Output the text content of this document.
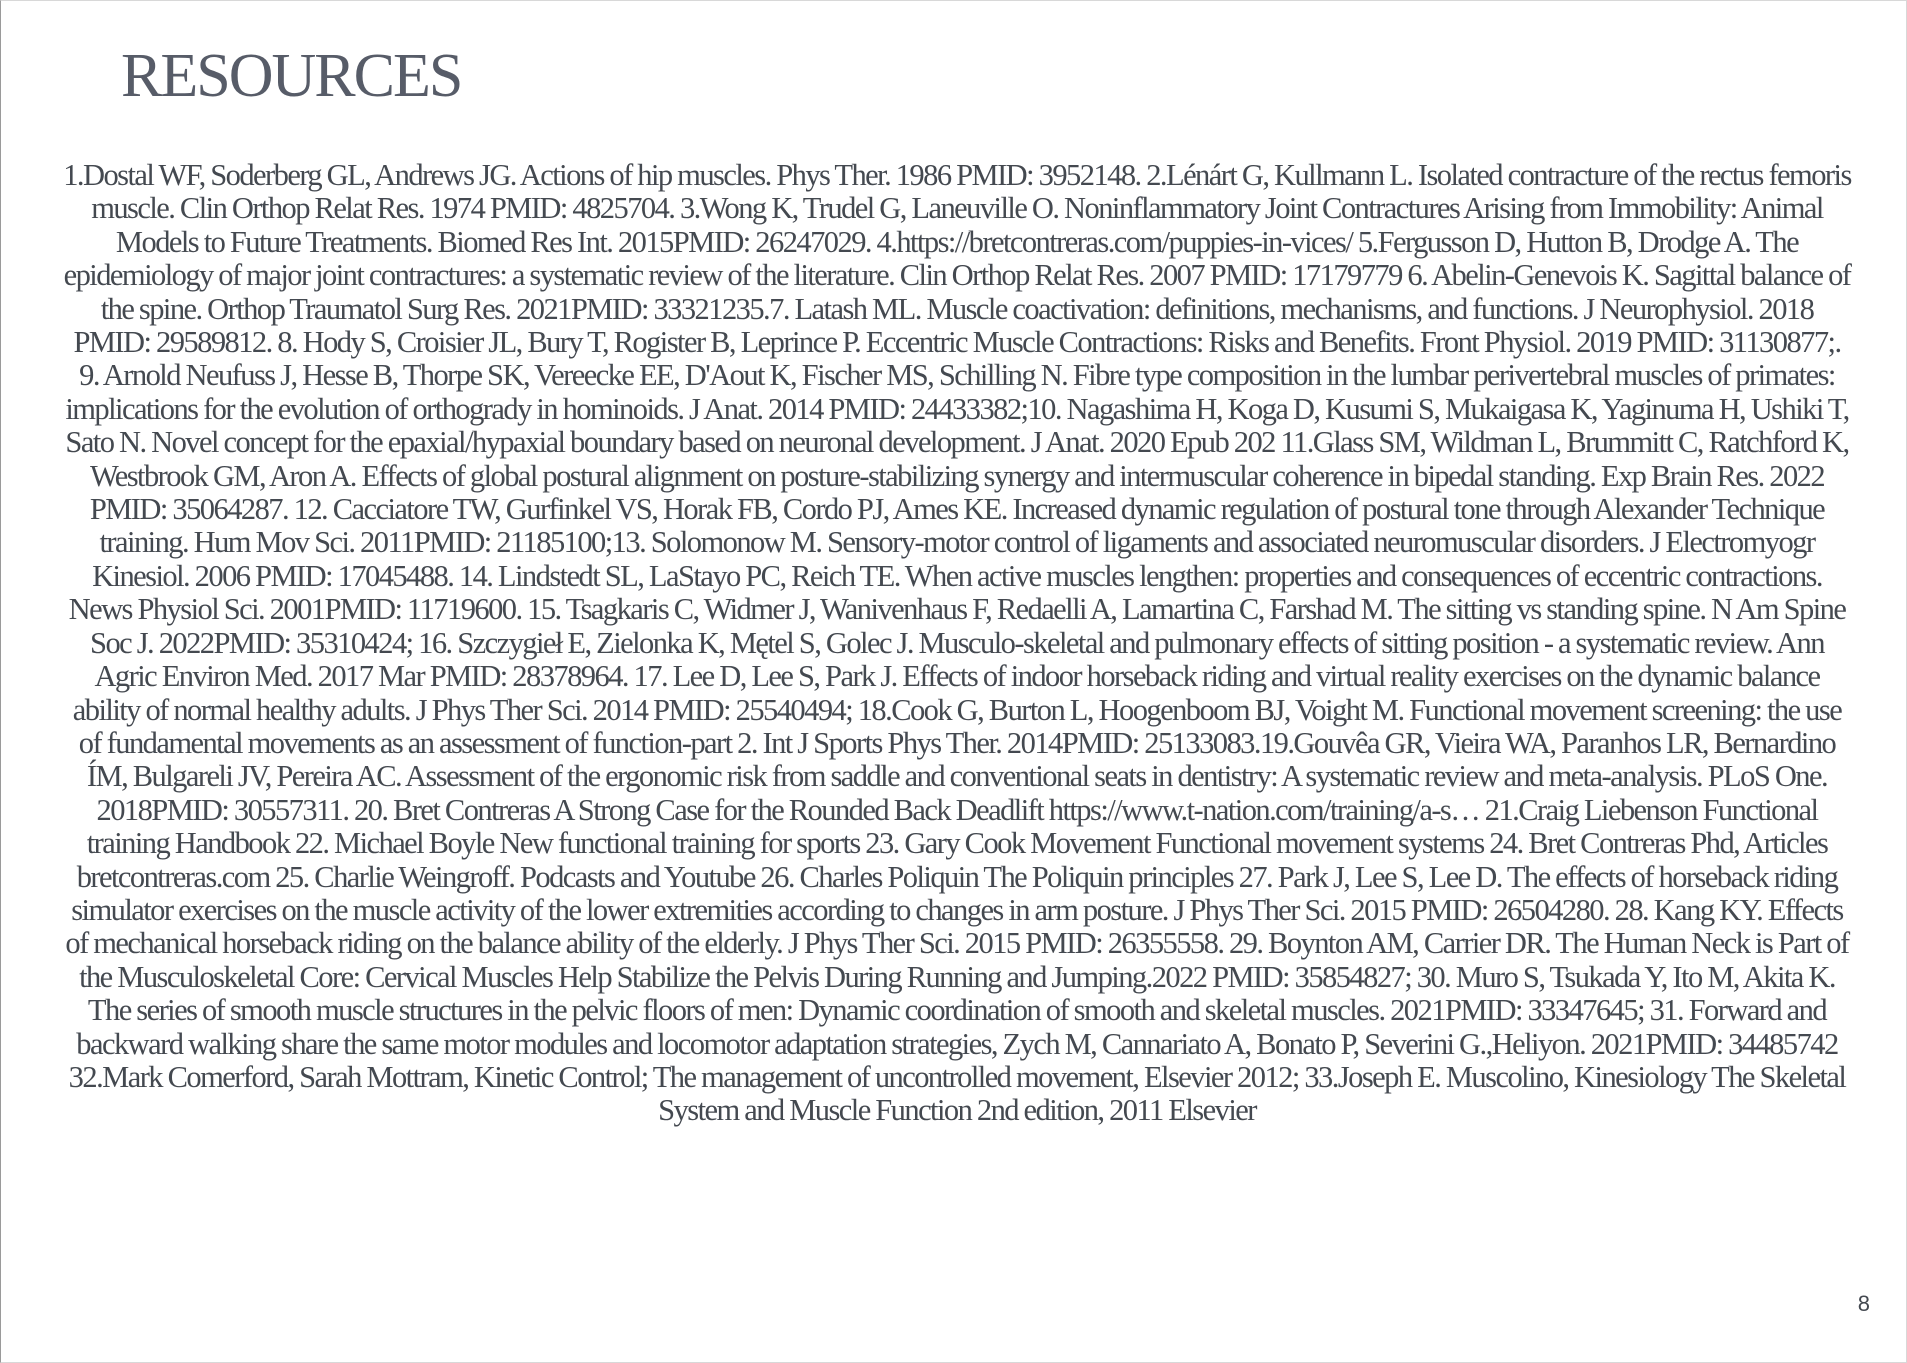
RESOURCES

1.Dostal WF, Soderberg GL, Andrews JG. Actions of hip muscles. Phys Ther. 1986 PMID: 3952148. 2.Lénárt G, Kullmann L. Isolated contracture of the rectus femoris muscle. Clin Orthop Relat Res. 1974 PMID: 4825704. 3.Wong K, Trudel G, Laneuville O. Noninflammatory Joint Contractures Arising from Immobility: Animal Models to Future Treatments. Biomed Res Int. 2015PMID: 26247029. 4.https://bretcontreras.com/puppies-in-vices/ 5.Fergusson D, Hutton B, Drodge A. The epidemiology of major joint contractures: a systematic review of the literature. Clin Orthop Relat Res. 2007 PMID: 17179779 6. Abelin-Genevois K. Sagittal balance of the spine. Orthop Traumatol Surg Res. 2021PMID: 33321235.7. Latash ML. Muscle coactivation: definitions, mechanisms, and functions. J Neurophysiol. 2018 PMID: 29589812. 8. Hody S, Croisier JL, Bury T, Rogister B, Leprince P. Eccentric Muscle Contractions: Risks and Benefits. Front Physiol. 2019 PMID: 31130877;. 9. Arnold Neufuss J, Hesse B, Thorpe SK, Vereecke EE, D'Aout K, Fischer MS, Schilling N. Fibre type composition in the lumbar perivertebral muscles of primates: implications for the evolution of orthogrady in hominoids. J Anat. 2014 PMID: 24433382;10. Nagashima H, Koga D, Kusumi S, Mukaigasa K, Yaginuma H, Ushiki T, Sato N. Novel concept for the epaxial/hypaxial boundary based on neuronal development. J Anat. 2020 Epub 202 11.Glass SM, Wildman L, Brummitt C, Ratchford K, Westbrook GM, Aron A. Effects of global postural alignment on posture-stabilizing synergy and intermuscular coherence in bipedal standing. Exp Brain Res. 2022 PMID: 35064287. 12. Cacciatore TW, Gurfinkel VS, Horak FB, Cordo PJ, Ames KE. Increased dynamic regulation of postural tone through Alexander Technique training. Hum Mov Sci. 2011PMID: 21185100;13. Solomonow M. Sensory-motor control of ligaments and associated neuromuscular disorders. J Electromyogr Kinesiol. 2006 PMID: 17045488. 14. Lindstedt SL, LaStayo PC, Reich TE. When active muscles lengthen: properties and consequences of eccentric contractions. News Physiol Sci. 2001PMID: 11719600. 15. Tsagkaris C, Widmer J, Wanivenhaus F, Redaelli A, Lamartina C, Farshad M. The sitting vs standing spine. N Am Spine Soc J. 2022PMID: 35310424; 16. Szczygieł E, Zielonka K, Mętel S, Golec J. Musculo-skeletal and pulmonary effects of sitting position - a systematic review. Ann Agric Environ Med. 2017 Mar PMID: 28378964. 17. Lee D, Lee S, Park J. Effects of indoor horseback riding and virtual reality exercises on the dynamic balance ability of normal healthy adults. J Phys Ther Sci. 2014 PMID: 25540494; 18.Cook G, Burton L, Hoogenboom BJ, Voight M. Functional movement screening: the use of fundamental movements as an assessment of function-part 2. Int J Sports Phys Ther. 2014PMID: 25133083.19.Gouvêa GR, Vieira WA, Paranhos LR, Bernardino ÍM, Bulgareli JV, Pereira AC. Assessment of the ergonomic risk from saddle and conventional seats in dentistry: A systematic review and meta-analysis. PLoS One. 2018PMID: 30557311. 20. Bret Contreras A Strong Case for the Rounded Back Deadlift https://www.t-nation.com/training/a-s… 21.Craig Liebenson Functional training Handbook 22. Michael Boyle New functional training for sports 23. Gary Cook Movement Functional movement systems 24. Bret Contreras Phd, Articles bretcontreras.com 25. Charlie Weingroff. Podcasts and Youtube 26. Charles Poliquin The Poliquin principles 27. Park J, Lee S, Lee D. The effects of horseback riding simulator exercises on the muscle activity of the lower extremities according to changes in arm posture. J Phys Ther Sci. 2015 PMID: 26504280. 28. Kang KY. Effects of mechanical horseback riding on the balance ability of the elderly. J Phys Ther Sci. 2015 PMID: 26355558. 29. Boynton AM, Carrier DR. The Human Neck is Part of the Musculoskeletal Core: Cervical Muscles Help Stabilize the Pelvis During Running and Jumping.2022 PMID: 35854827; 30. Muro S, Tsukada Y, Ito M, Akita K. The series of smooth muscle structures in the pelvic floors of men: Dynamic coordination of smooth and skeletal muscles. 2021PMID: 33347645; 31. Forward and backward walking share the same motor modules and locomotor adaptation strategies, Zych M, Cannariato A, Bonato P, Severini G.,Heliyon. 2021PMID: 34485742 32.Mark Comerford, Sarah Mottram, Kinetic Control; The management of uncontrolled movement, Elsevier 2012; 33.Joseph E. Muscolino, Kinesiology The Skeletal System and Muscle Function 2nd edition, 2011 Elsevier

8
